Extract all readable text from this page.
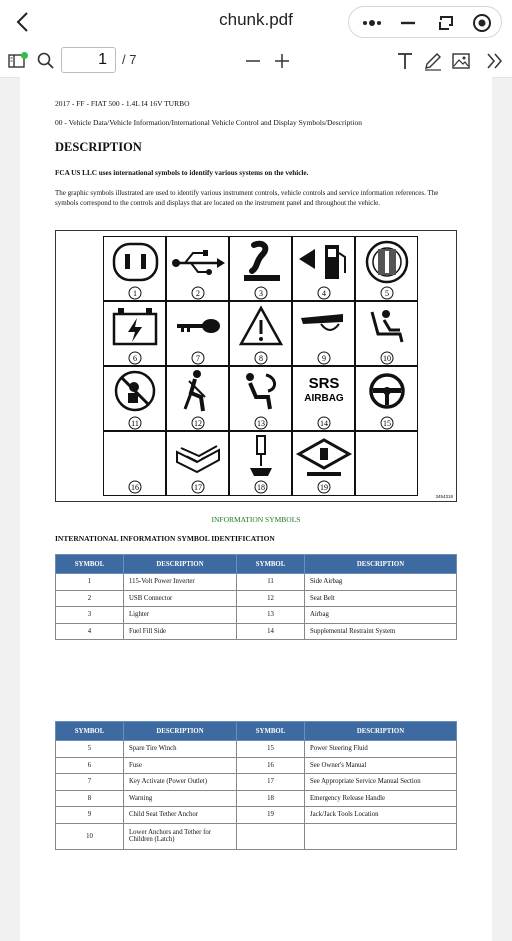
chunk.pdf
1	/ 7
2017 - FF - FIAT 500 - 1.4L I4 16V TURBO
00 - Vehicle Data/Vehicle Information/International Vehicle Control and Display Symbols/Description
DESCRIPTION
FCA US LLC uses international symbols to identify various systems on the vehicle.
The graphic symbols illustrated are used to identify various instrument controls, vehicle controls and service information references. The symbols correspond to the controls and displays that are located on the instrument panel and throughout the vehicle.
1	2	3	4	5
6	7	8	9	10
11	12	13
SRS
AIRBAG
14	15
16	17	18	19
3454318
INFORMATION SYMBOLS
INTERNATIONAL INFORMATION SYMBOL IDENTIFICATION
SYMBOL	DESCRIPTION	SYMBOL	DESCRIPTION
1	115-Volt Power Inverter	11	Side Airbag
2	USB Connector	12	Seat Belt
3	Lighter	13	Airbag
4	Fuel Fill Side	14	Supplemental Restraint System
SYMBOL	DESCRIPTION	SYMBOL	DESCRIPTION
5	Spare Tire Winch	15	Power Steering Fluid
6	Fuse	16	See Owner's Manual
7	Key Activate (Power Outlet)	17	See Appropriate Service Manual Section
8	Warning	18	Emergency Release Handle
9	Child Seat Tether Anchor	19	Jack/Jack Tools Location
10	Lower Anchors and Tether for Children (Latch)		
